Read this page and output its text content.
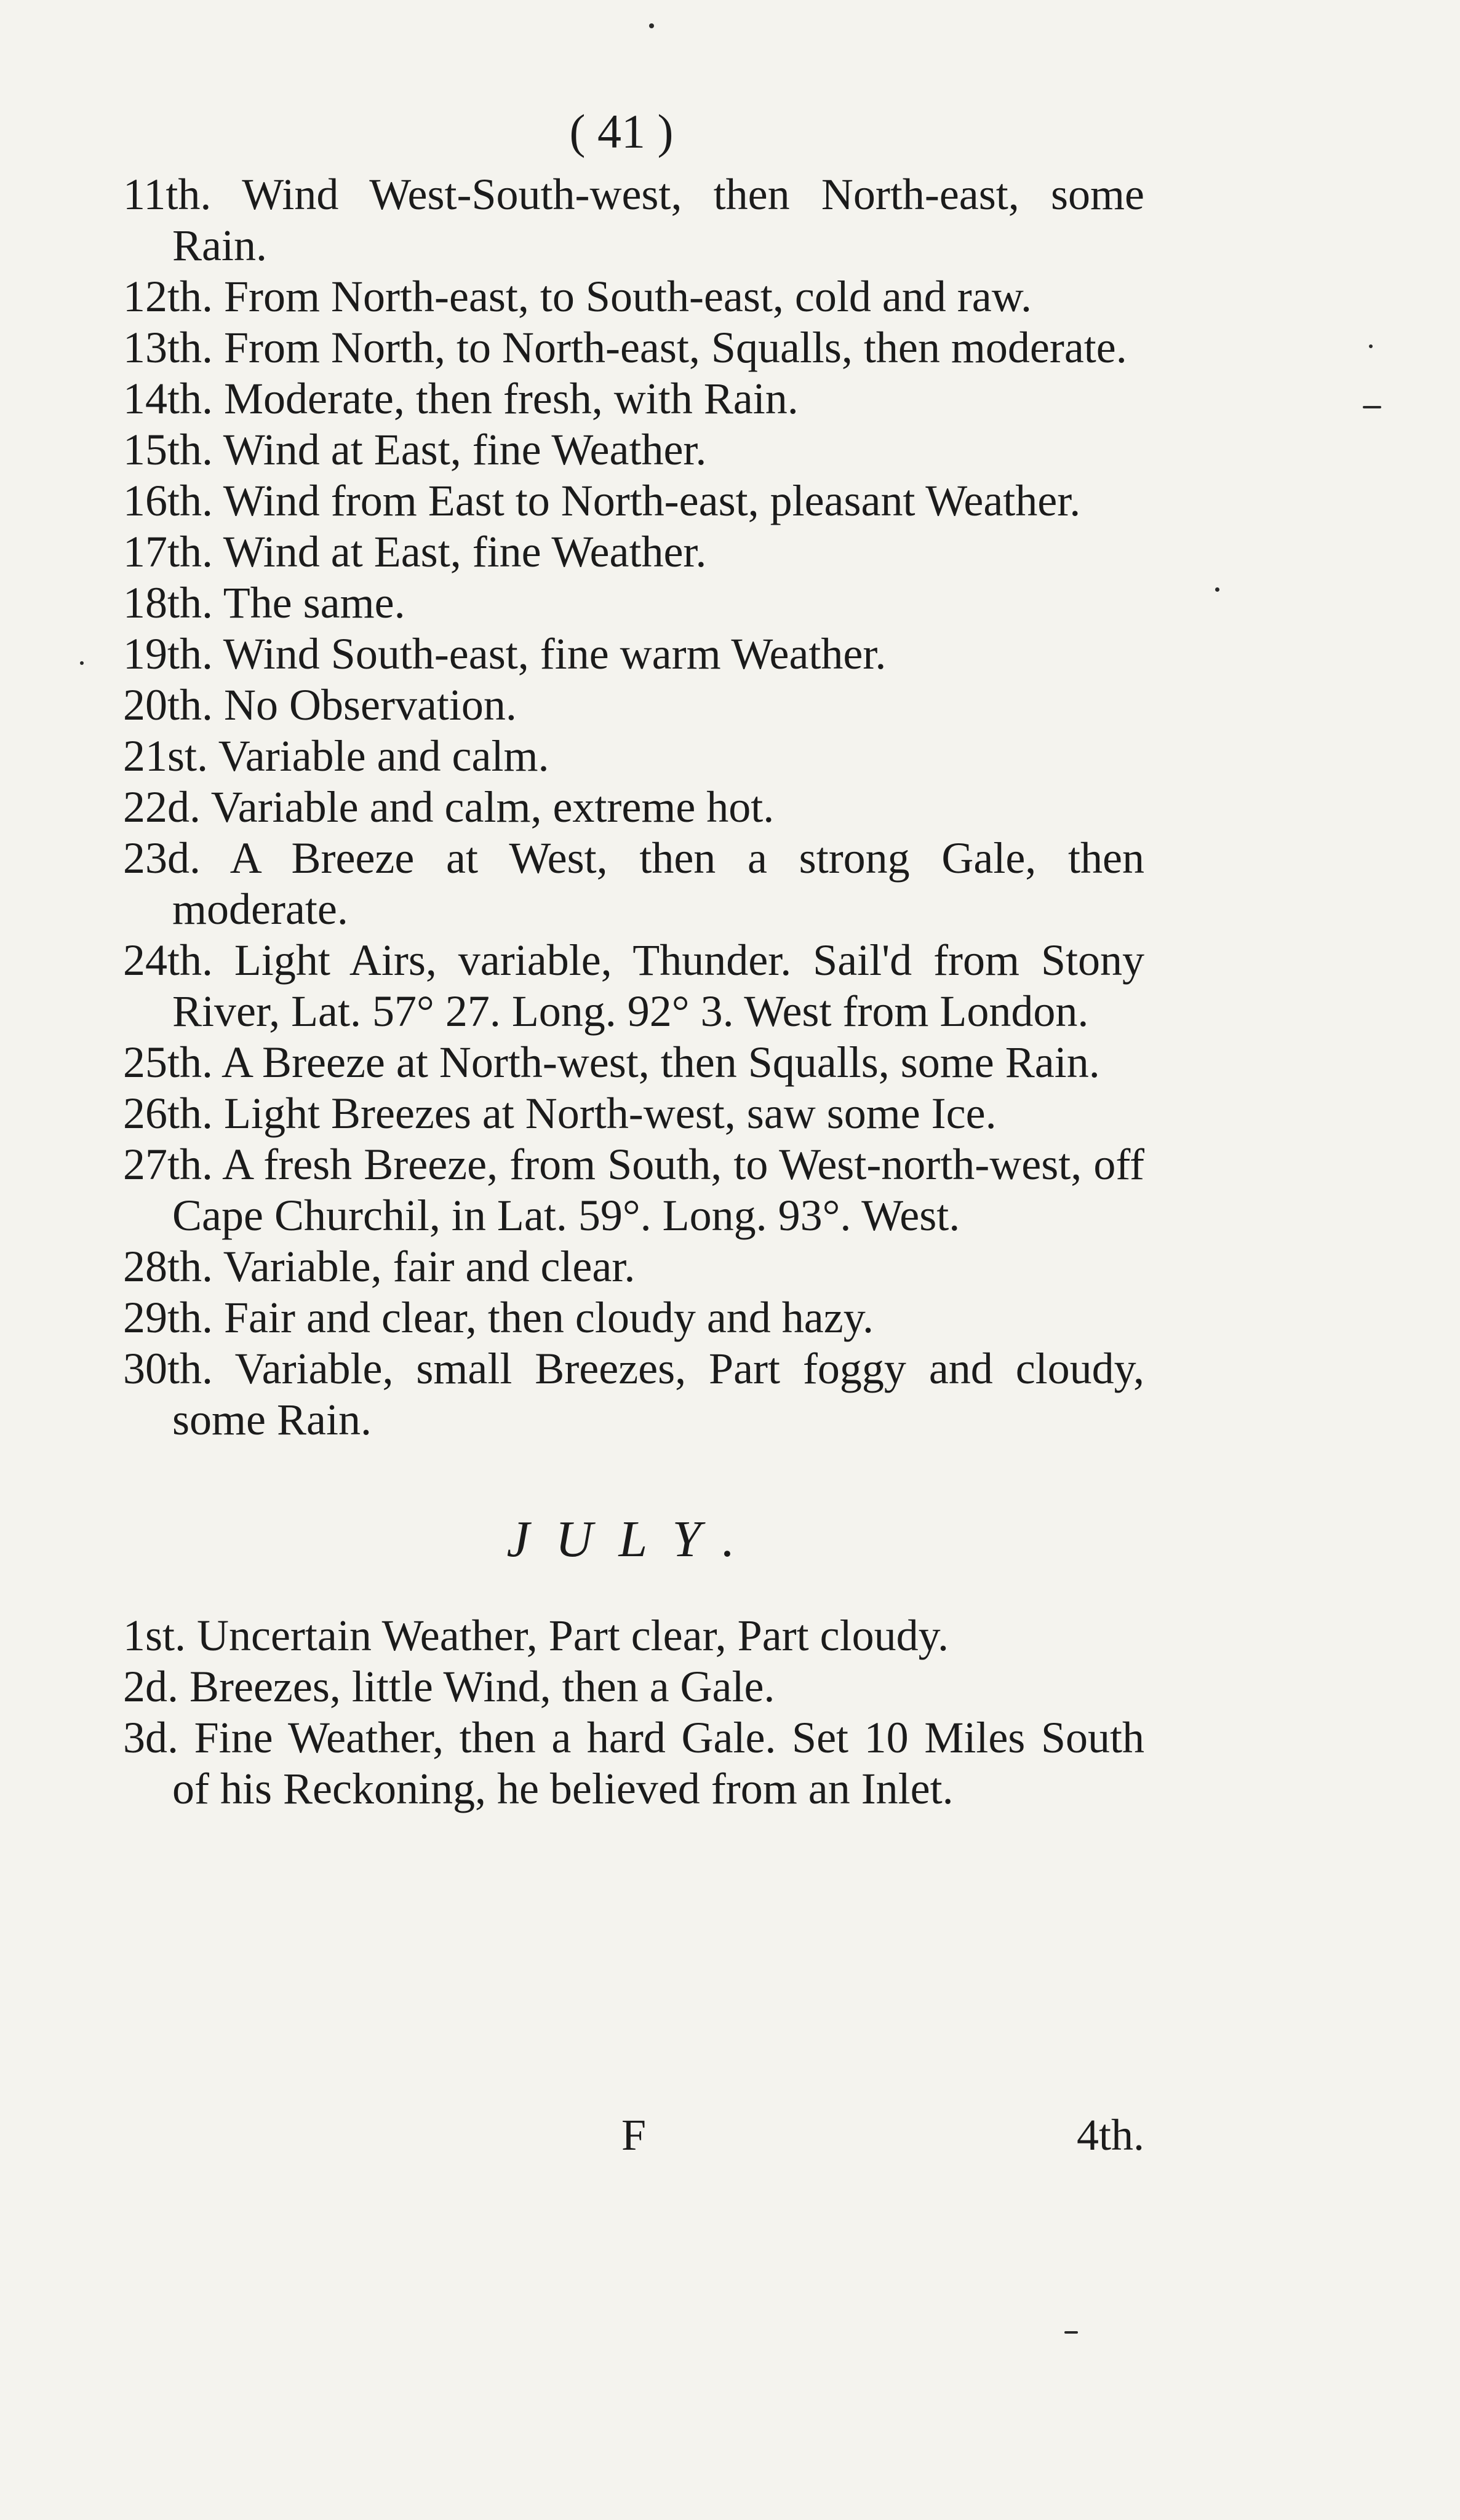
( 41 )

11th. Wind West-South-west, then North-east, some Rain.

12th. From North-east, to South-east, cold and raw.

13th. From North, to North-east, Squalls, then moderate.

14th. Moderate, then fresh, with Rain.

15th. Wind at East, fine Weather.

16th. Wind from East to North-east, pleasant Weather.

17th. Wind at East, fine Weather.

18th. The same.

19th. Wind South-east, fine warm Weather.

20th. No Observation.

21st. Variable and calm.

22d. Variable and calm, extreme hot.

23d. A Breeze at West, then a strong Gale, then moderate.

24th. Light Airs, variable, Thunder. Sail'd from Stony River, Lat. 57° 27. Long. 92° 3. West from London.

25th. A Breeze at North-west, then Squalls, some Rain.

26th. Light Breezes at North-west, saw some Ice.

27th. A fresh Breeze, from South, to West-north-west, off Cape Churchil, in Lat. 59°. Long. 93°. West.

28th. Variable, fair and clear.

29th. Fair and clear, then cloudy and hazy.

30th. Variable, small Breezes, Part foggy and cloudy, some Rain.

JULY.

1st. Uncertain Weather, Part clear, Part cloudy.

2d. Breezes, little Wind, then a Gale.

3d. Fine Weather, then a hard Gale. Set 10 Miles South of his Reckoning, he believed from an Inlet.

F	4th.
